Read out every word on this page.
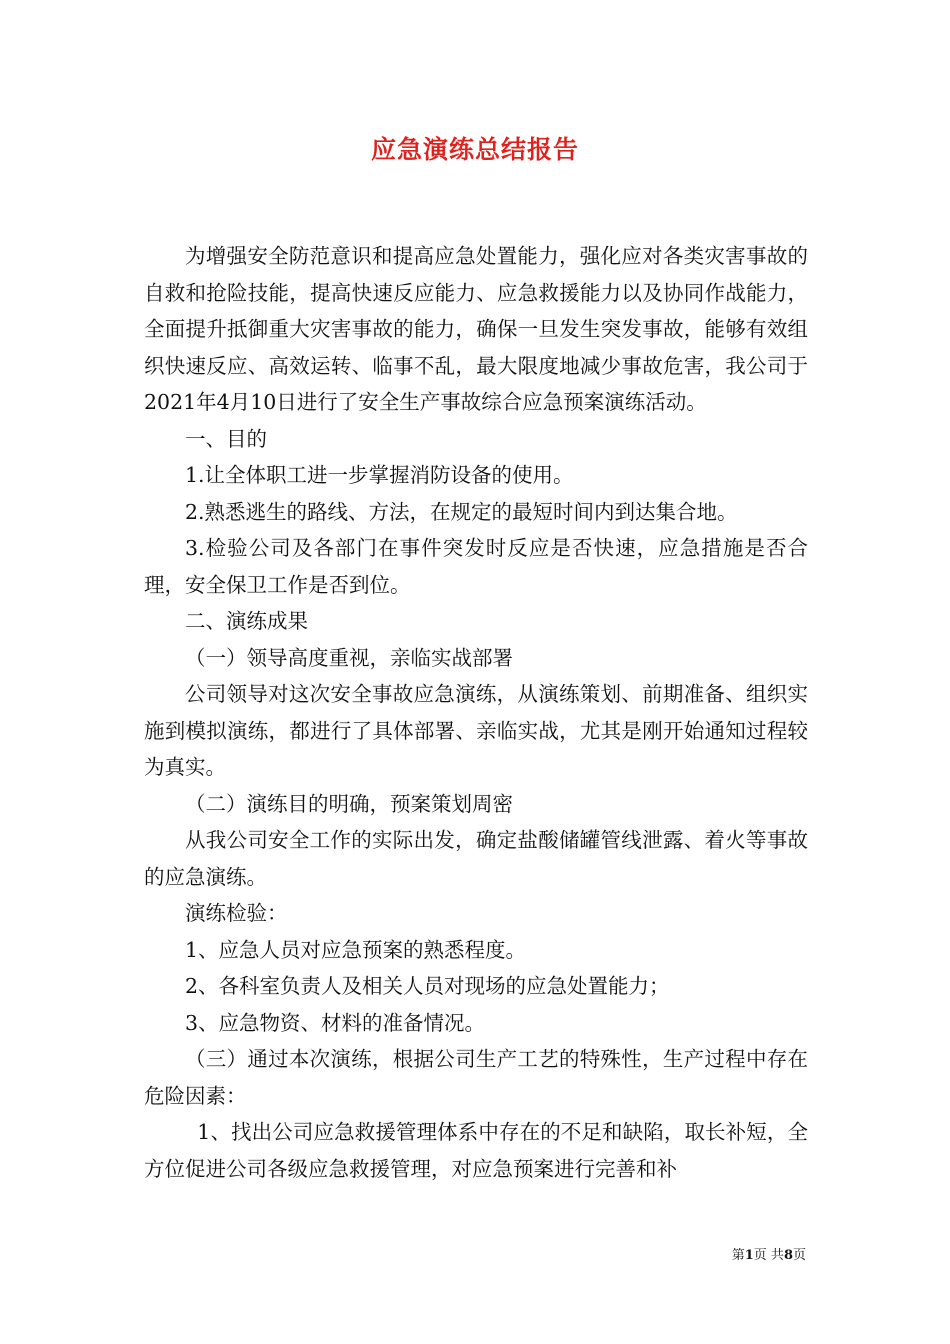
应急演练总结报告

为增强安全防范意识和提高应急处置能力，强化应对各类灾害事故的自救和抢险技能，提高快速反应能力、应急救援能力以及协同作战能力，全面提升抵御重大灾害事故的能力，确保一旦发生突发事故，能够有效组织快速反应、高效运转、临事不乱，最大限度地减少事故危害，我公司于2021年4月10日进行了安全生产事故综合应急预案演练活动。

一、目的

1.让全体职工进一步掌握消防设备的使用。

2.熟悉逃生的路线、方法，在规定的最短时间内到达集合地。

3.检验公司及各部门在事件突发时反应是否快速，应急措施是否合理，安全保卫工作是否到位。

二、演练成果

（一）领导高度重视，亲临实战部署

公司领导对这次安全事故应急演练，从演练策划、前期准备、组织实施到模拟演练，都进行了具体部署、亲临实战，尤其是刚开始通知过程较为真实。

（二）演练目的明确，预案策划周密

从我公司安全工作的实际出发，确定盐酸储罐管线泄露、着火等事故的应急演练。

演练检验：

1、应急人员对应急预案的熟悉程度。

2、各科室负责人及相关人员对现场的应急处置能力；

3、应急物资、材料的准备情况。

（三）通过本次演练，根据公司生产工艺的特殊性，生产过程中存在危险因素：

1、找出公司应急救援管理体系中存在的不足和缺陷，取长补短，全方位促进公司各级应急救援管理，对应急预案进行完善和补

第1页 共8页
